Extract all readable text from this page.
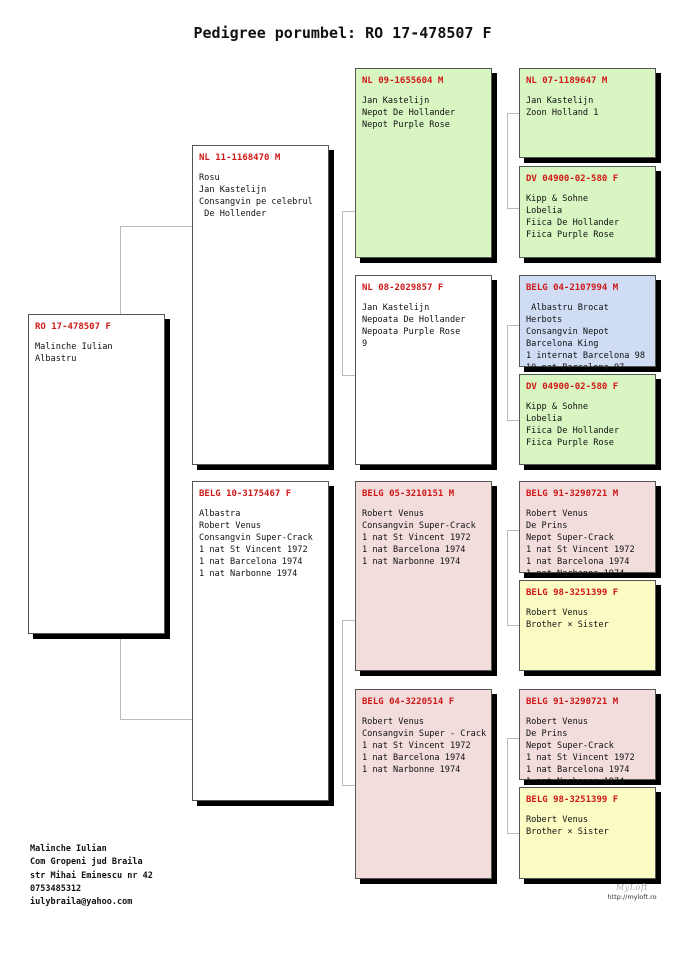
Pedigree porumbel: RO 17-478507 F
RO 17-478507 F
Malinche Iulian
Albastru
NL 11-1168470 M
Rosu
Jan Kastelijn
Consangvin pe celebrul
De Hollender
BELG 10-3175467 F
Albastra
Robert Venus
Consangvin Super-Crack
1 nat St Vincent 1972
1 nat Barcelona 1974
1 nat Narbonne 1974
NL 09-1655604 M
Jan Kastelijn
Nepot De Hollander
Nepot Purple Rose
NL 08-2029857 F
Jan Kastelijn
Nepoata De Hollander
Nepoata Purple Rose
9
BELG 05-3210151 M
Robert Venus
Consangvin Super-Crack
1 nat St Vincent 1972
1 nat Barcelona 1974
1 nat Narbonne 1974
BELG 04-3220514 F
Robert Venus
Consangvin Super - Crack
1 nat St Vincent 1972
1 nat Barcelona 1974
1 nat Narbonne 1974
NL 07-1189647 M
Jan Kastelijn
Zoon Holland 1
DV 04900-02-580 F
Kipp & Sohne
Lobelia
Fiica De Hollander
Fiica Purple Rose
BELG 04-2107994 M
Albastru Brocat
Herbots
Consangvin Nepot
Barcelona King
1 internat Barcelona 98
10 nat Barcelona 97
DV 04900-02-580 F
Kipp & Sohne
Lobelia
Fiica De Hollander
Fiica Purple Rose
BELG 91-3290721 M
Robert Venus
De Prins
Nepot Super-Crack
1 nat St Vincent 1972
1 nat Barcelona 1974
1 nat Narbonne 1974
BELG 98-3251399 F
Robert Venus
Brother × Sister
BELG 91-3290721 M
Robert Venus
De Prins
Nepot Super-Crack
1 nat St Vincent 1972
1 nat Barcelona 1974
1 nat Narbonne 1974
BELG 98-3251399 F
Robert Venus
Brother × Sister
Malinche Iulian
Com Gropeni jud Braila
str Mihai Eminescu nr 42
0753485312
iulybraila@yahoo.com
MyLoft
http://myloft.ro
